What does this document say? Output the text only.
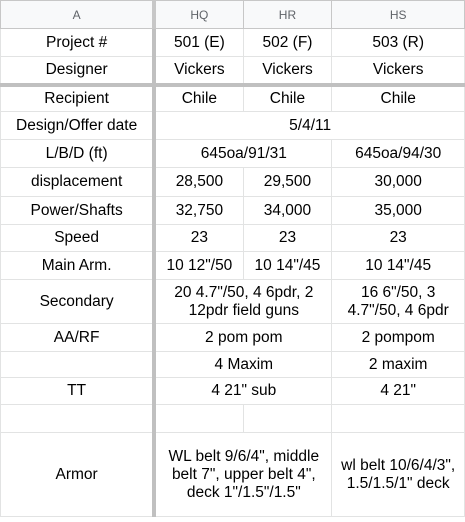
A	HQ	HR	HS
Project #	501 (E)	502 (F)	503 (R)
Designer	Vickers	Vickers	Vickers
Recipient	Chile	Chile	Chile
Design/Offer date	5/4/11		
L/B/D (ft)	645oa/91/31		645oa/94/30
displacement	28,500	29,500	30,000
Power/Shafts	32,750	34,000	35,000
Speed	23	23	23
Main Arm.	10 12"/50	10 14"/45	10 14"/45
Secondary	20 4.7"/50, 4 6pdr, 2 12pdr field guns		16 6"/50, 3 4.7"/50, 4 6pdr
AA/RF	2 pom pom		2 pompom
	4 Maxim		2 maxim
TT	4 21" sub		4 21"

Armor	WL belt 9/6/4", middle belt 7", upper belt 4", deck 1"/1.5"/1.5"		wl belt 10/6/4/3", 1.5/1.5/1" deck
